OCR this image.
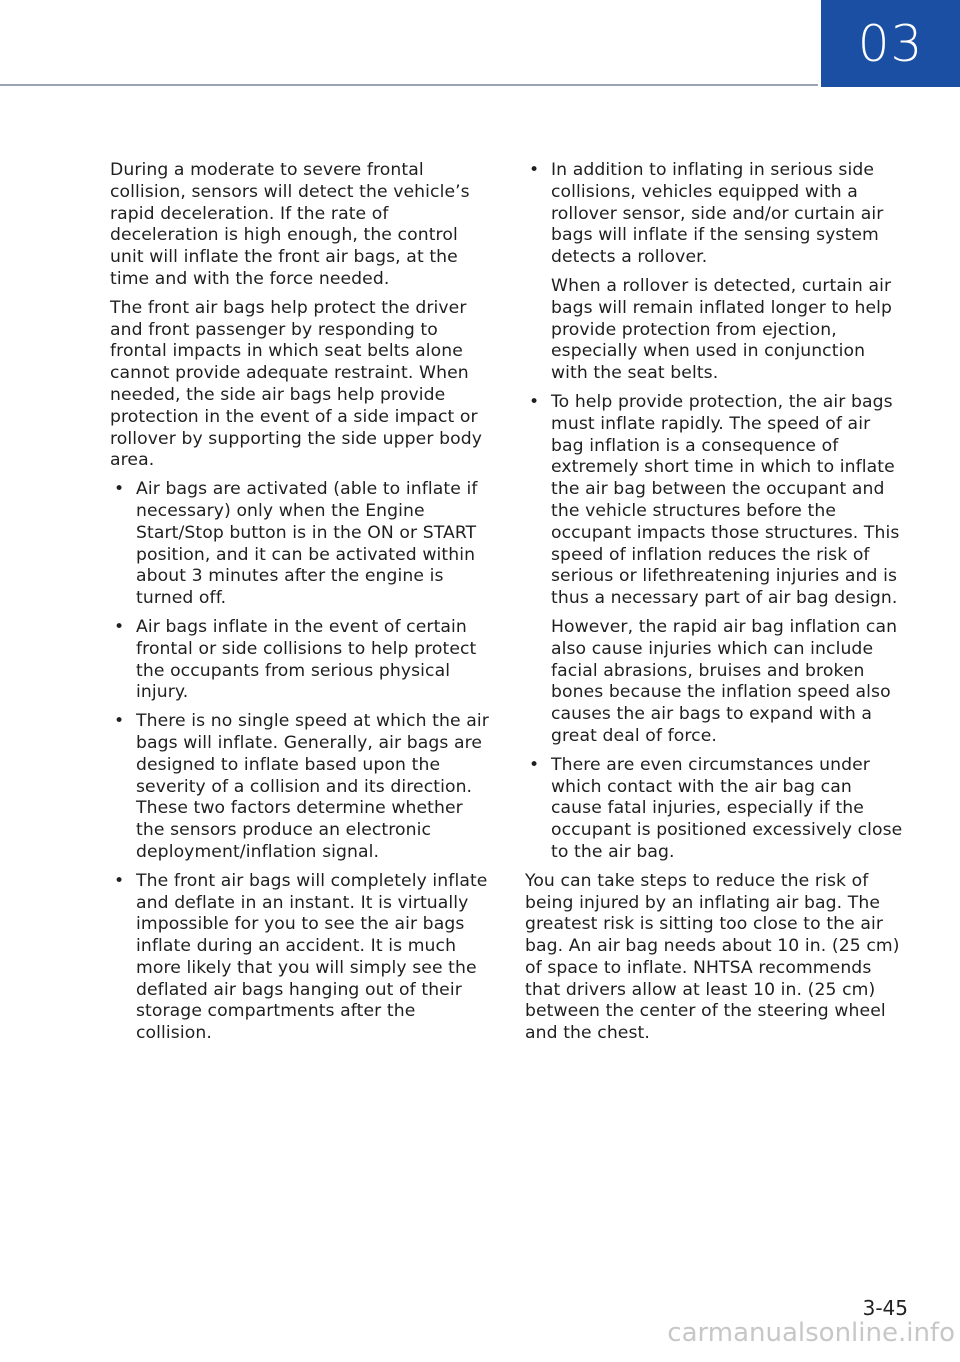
03

During a moderate to severe frontal collision, sensors will detect the vehicle’s rapid deceleration. If the rate of deceleration is high enough, the control unit will inflate the front air bags, at the time and with the force needed.

The front air bags help protect the driver and front passenger by responding to frontal impacts in which seat belts alone cannot provide adequate restraint. When needed, the side air bags help provide protection in the event of a side impact or rollover by supporting the side upper body area.

• Air bags are activated (able to inflate if necessary) only when the Engine Start/Stop button is in the ON or START position, and it can be activated within about 3 minutes after the engine is turned off.
• Air bags inflate in the event of certain frontal or side collisions to help protect the occupants from serious physical injury.
• There is no single speed at which the air bags will inflate. Generally, air bags are designed to inflate based upon the severity of a collision and its direction. These two factors determine whether the sensors produce an electronic deployment/inflation signal.
• The front air bags will completely inflate and deflate in an instant. It is virtually impossible for you to see the air bags inflate during an accident. It is much more likely that you will simply see the deflated air bags hanging out of their storage compartments after the collision.
• In addition to inflating in serious side collisions, vehicles equipped with a rollover sensor, side and/or curtain air bags will inflate if the sensing system detects a rollover.
When a rollover is detected, curtain air bags will remain inflated longer to help provide protection from ejection, especially when used in conjunction with the seat belts.
• To help provide protection, the air bags must inflate rapidly. The speed of air bag inflation is a consequence of extremely short time in which to inflate the air bag between the occupant and the vehicle structures before the occupant impacts those structures. This speed of inflation reduces the risk of serious or lifethreatening injuries and is thus a necessary part of air bag design.
However, the rapid air bag inflation can also cause injuries which can include facial abrasions, bruises and broken bones because the inflation speed also causes the air bags to expand with a great deal of force.
• There are even circumstances under which contact with the air bag can cause fatal injuries, especially if the occupant is positioned excessively close to the air bag.

You can take steps to reduce the risk of being injured by an inflating air bag. The greatest risk is sitting too close to the air bag. An air bag needs about 10 in. (25 cm) of space to inflate. NHTSA recommends that drivers allow at least 10 in. (25 cm) between the center of the steering wheel and the chest.

3-45
carmanualsonline.info
